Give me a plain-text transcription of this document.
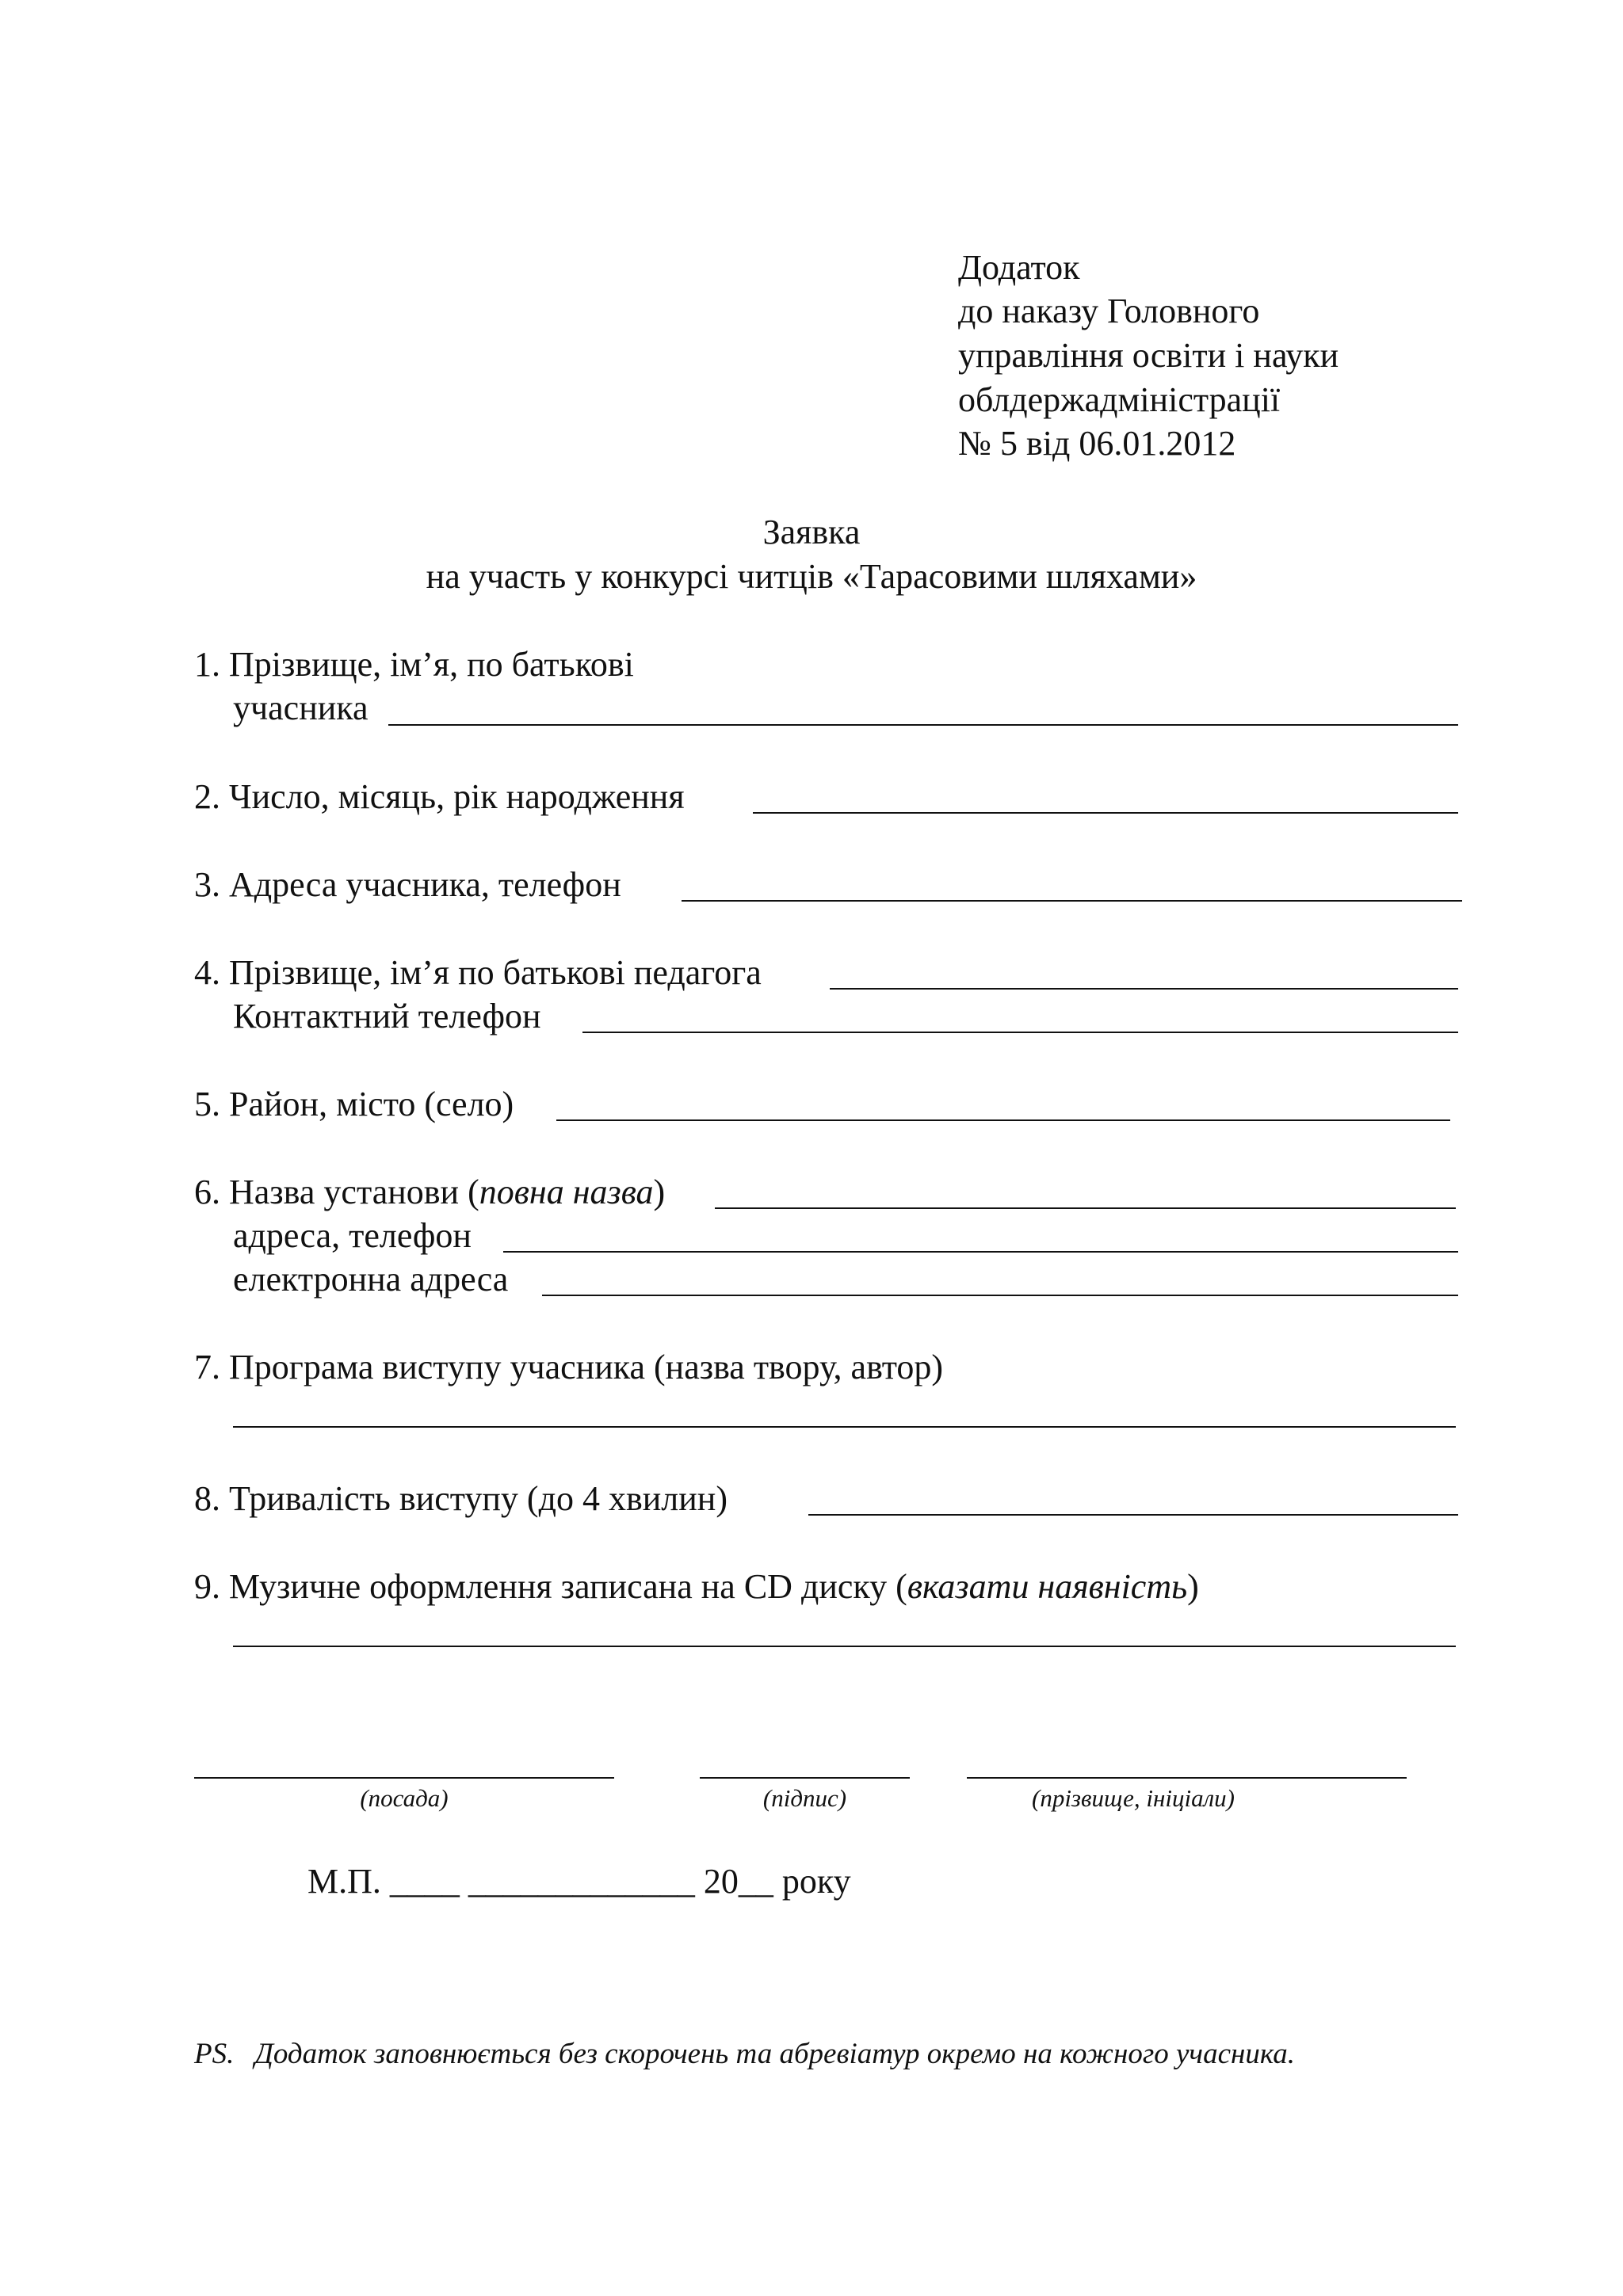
Додаток
до наказу Головного
управління освіти і науки
облдержадміністрації
№ 5 від 06.01.2012
Заявка
на участь у конкурсі читців «Тарасовими шляхами»
1. Прізвище, ім’я, по батькові
учасника
2. Число, місяць, рік народження
3. Адреса учасника, телефон
4. Прізвище, ім’я по батькові педагога
Контактний телефон
5. Район, місто (село)
6. Назва установи (повна назва)
адреса, телефон
електронна адреса
7. Програма виступу учасника (назва твору, автор)
8. Тривалість виступу (до 4 хвилин)
9. Музичне оформлення записана на CD диску (вказати наявність)
(посада)	(підпис)	(прізвище, ініціали)
М.П. ____ _____________ 20__ року
PS. Додаток заповнюється без скорочень та абревіатур окремо на кожного учасника.
